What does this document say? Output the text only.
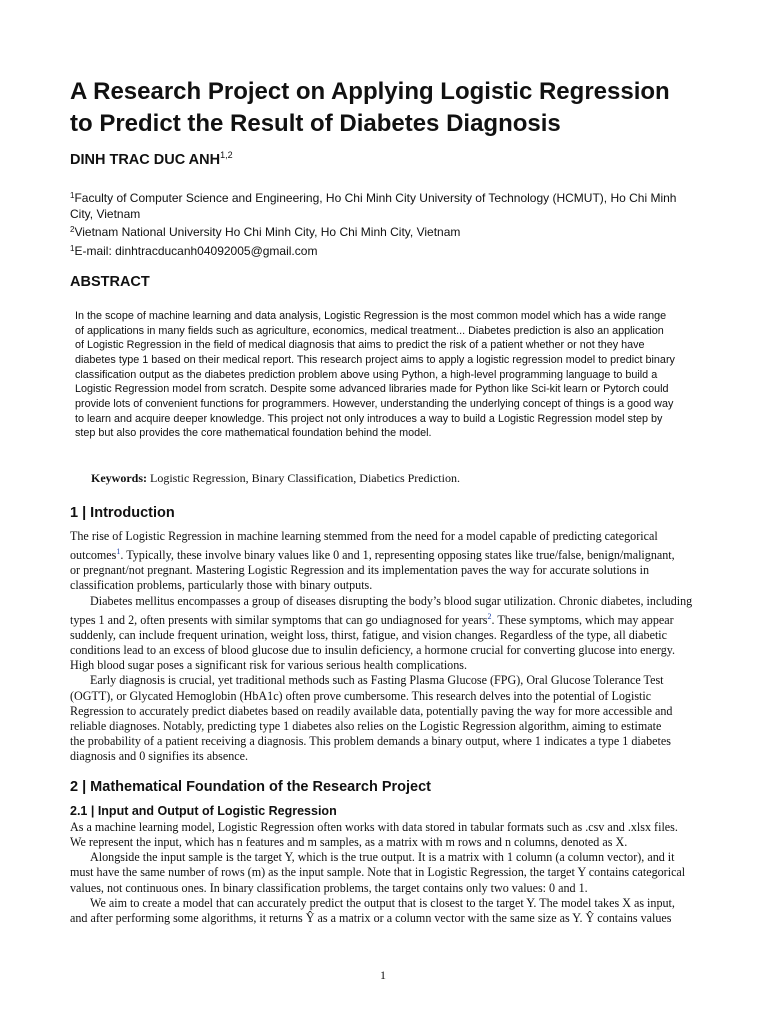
A Research Project on Applying Logistic Regression
to Predict the Result of Diabetes Diagnosis
DINH TRAC DUC ANH$^{1,2}$
$^1$Faculty of Computer Science and Engineering, Ho Chi Minh City University of Technology (HCMUT), Ho Chi Minh
City, Vietnam
$^2$Vietnam National University Ho Chi Minh City, Ho Chi Minh City, Vietnam
$^1$E-mail: dinhtracducanh04092005@gmail.com
ABSTRACT
In the scope of machine learning and data analysis, Logistic Regression is the most common model which has a wide range
of applications in many fields such as agriculture, economics, medical treatment... Diabetes prediction is also an application
of Logistic Regression in the field of medical diagnosis that aims to predict the risk of a patient whether or not they have
diabetes type 1 based on their medical report. This research project aims to apply a logistic regression model to predict binary
classification output as the diabetes prediction problem above using Python, a high-level programming language to build a
Logistic Regression model from scratch. Despite some advanced libraries made for Python like Sci-kit learn or Pytorch could
provide lots of convenient functions for programmers. However, understanding the underlying concept of things is a good way
to learn and acquire deeper knowledge. This project not only introduces a way to build a Logistic Regression model step by
step but also provides the core mathematical foundation behind the model.
Keywords: Logistic Regression, Binary Classification, Diabetics Prediction.
1 | Introduction
The rise of Logistic Regression in machine learning stemmed from the need for a model capable of predicting categorical
outcomes$^1$. Typically, these involve binary values like 0 and 1, representing opposing states like true/false, benign/malignant,
or pregnant/not pregnant. Mastering Logistic Regression and its implementation paves the way for accurate solutions in
classification problems, particularly those with binary outputs.
Diabetes mellitus encompasses a group of diseases disrupting the body’s blood sugar utilization. Chronic diabetes, including
types 1 and 2, often presents with similar symptoms that can go undiagnosed for years$^2$. These symptoms, which may appear
suddenly, can include frequent urination, weight loss, thirst, fatigue, and vision changes. Regardless of the type, all diabetic
conditions lead to an excess of blood glucose due to insulin deficiency, a hormone crucial for converting glucose into energy.
High blood sugar poses a significant risk for various serious health complications.
Early diagnosis is crucial, yet traditional methods such as Fasting Plasma Glucose (FPG), Oral Glucose Tolerance Test
(OGTT), or Glycated Hemoglobin (HbA1c) often prove cumbersome. This research delves into the potential of Logistic
Regression to accurately predict diabetes based on readily available data, potentially paving the way for more accessible and
reliable diagnoses. Notably, predicting type 1 diabetes also relies on the Logistic Regression algorithm, aiming to estimate
the probability of a patient receiving a diagnosis. This problem demands a binary output, where 1 indicates a type 1 diabetes
diagnosis and 0 signifies its absence.
2 | Mathematical Foundation of the Research Project
2.1 | Input and Output of Logistic Regression
As a machine learning model, Logistic Regression often works with data stored in tabular formats such as .csv and .xlsx files.
We represent the input, which has n features and m samples, as a matrix with m rows and n columns, denoted as X.
Alongside the input sample is the target Y, which is the true output. It is a matrix with 1 column (a column vector), and it
must have the same number of rows (m) as the input sample. Note that in Logistic Regression, the target Y contains categorical
values, not continuous ones. In binary classification problems, the target contains only two values: 0 and 1.
We aim to create a model that can accurately predict the output that is closest to the target Y. The model takes X as input,
and after performing some algorithms, it returns Ŷ as a matrix or a column vector with the same size as Y. Ŷ contains values
1
